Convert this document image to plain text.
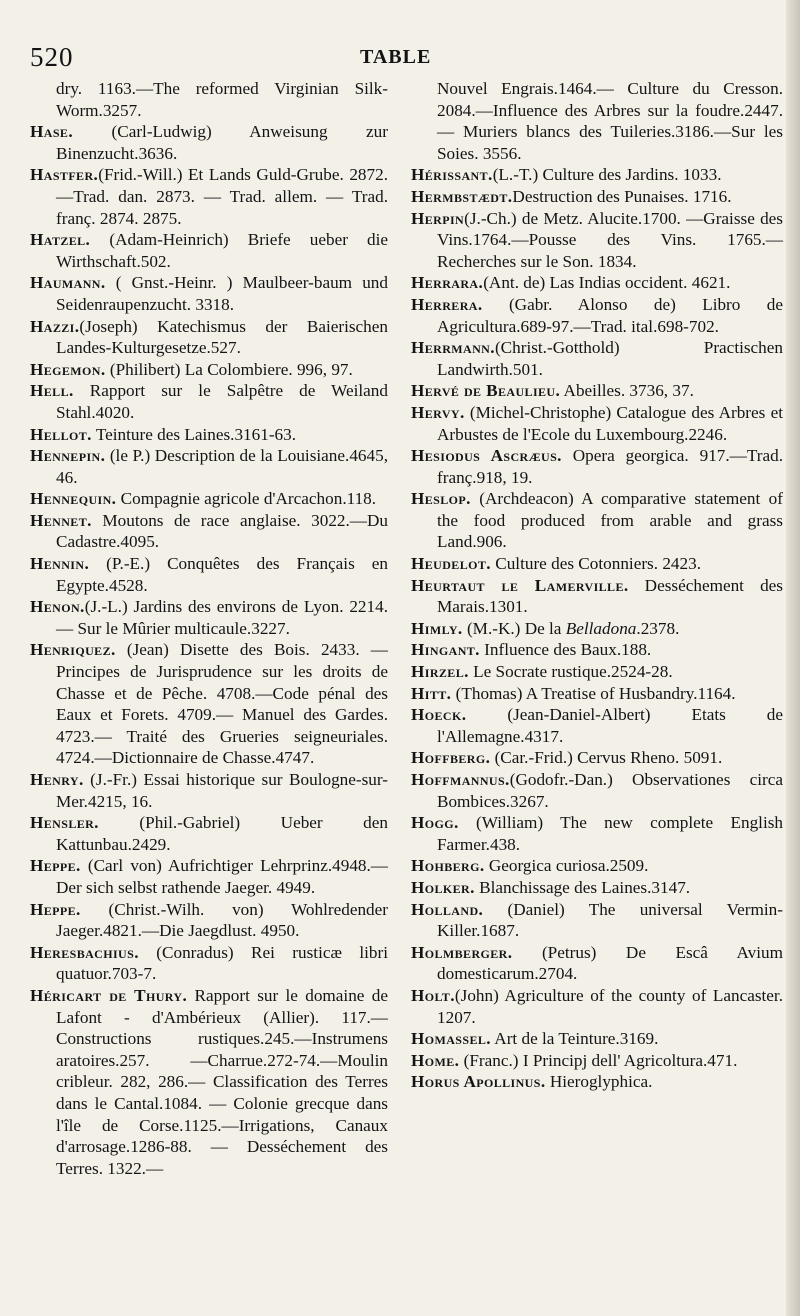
520	TABLE

dry. 1163.—The reformed Virginian Silk-Worm.3257.

Hase. (Carl-Ludwig) Anweisung zur Binenzucht.3636.

Hastfer.(Frid.-Will.) Et Lands Guld-Grube. 2872. —Trad. dan. 2873. — Trad. allem. — Trad. franç. 2874. 2875.

Hatzel. (Adam-Heinrich) Briefe ueber die Wirthschaft.502.

Haumann. ( Gnst.-Heinr. ) Maulbeer-baum und Seidenraupenzucht. 3318.

Hazzi.(Joseph) Katechismus der Baierischen Landes-Kulturgesetze.527.

Hegemon. (Philibert) La Colombiere. 996, 97.

Hell. Rapport sur le Salpêtre de Weiland Stahl.4020.

Hellot. Teinture des Laines.3161-63.

Hennepin. (le P.) Description de la Louisiane.4645, 46.

Hennequin. Compagnie agricole d'Arcachon.118.

Hennet. Moutons de race anglaise. 3022.—Du Cadastre.4095.

Hennin. (P.-E.) Conquêtes des Français en Egypte.4528.

Henon.(J.-L.) Jardins des environs de Lyon. 2214.— Sur le Mûrier multicaule.3227.

Henriquez. (Jean) Disette des Bois. 2433. — Principes de Jurisprudence sur les droits de Chasse et de Pêche. 4708.—Code pénal des Eaux et Forets. 4709.— Manuel des Gardes. 4723.— Traité des Grueries seigneuriales. 4724.—Dictionnaire de Chasse.4747.

Henry. (J.-Fr.) Essai historique sur Boulogne-sur-Mer.4215, 16.

Hensler. (Phil.-Gabriel) Ueber den Kattunbau.2429.

Heppe. (Carl von) Aufrichtiger Lehrprinz.4948.—Der sich selbst rathende Jaeger. 4949.

Heppe. (Christ.-Wilh. von) Wohlredender Jaeger.4821.—Die Jaegdlust. 4950.

Heresbachius. (Conradus) Rei rusticæ libri quatuor.703-7.

Héricart de Thury. Rapport sur le domaine de Lafont - d'Ambérieux (Allier). 117.— Constructions rustiques.245.—Instrumens aratoires.257. —Charrue.272-74.—Moulin cribleur. 282, 286.— Classification des Terres dans le Cantal.1084. — Colonie grecque dans l'île de Corse.1125.—Irrigations, Canaux d'arrosage.1286-88. — Desséchement des Terres. 1322.—

Nouvel Engrais.1464.— Culture du Cresson. 2084.—Influence des Arbres sur la foudre.2447.— Muriers blancs des Tuileries.3186.—Sur les Soies. 3556.

Hérissant.(L.-T.) Culture des Jardins. 1033.

Hermbstædt.Destruction des Punaises. 1716.

Herpin(J.-Ch.) de Metz. Alucite.1700. —Graisse des Vins.1764.—Pousse des Vins. 1765.— Recherches sur le Son. 1834.

Herrara.(Ant. de) Las Indias occident. 4621.

Herrera. (Gabr. Alonso de) Libro de Agricultura.689-97.—Trad. ital.698-702.

Herrmann.(Christ.-Gotthold) Practischen Landwirth.501.

Hervé de Beaulieu. Abeilles. 3736, 37.

Hervy. (Michel-Christophe) Catalogue des Arbres et Arbustes de l'Ecole du Luxembourg.2246.

Hesiodus Ascræus. Opera georgica. 917.—Trad. franç.918, 19.

Heslop. (Archdeacon) A comparative statement of the food produced from arable and grass Land.906.

Heudelot. Culture des Cotonniers. 2423.

Heurtaut le Lamerville. Desséchement des Marais.1301.

Himly. (M.-K.) De la Belladona.2378.

Hingant. Influence des Baux.188.

Hirzel. Le Socrate rustique.2524-28.

Hitt. (Thomas) A Treatise of Husbandry.1164.

Hoeck. (Jean-Daniel-Albert) Etats de l'Allemagne.4317.

Hoffberg. (Car.-Frid.) Cervus Rheno. 5091.

Hoffmannus.(Godofr.-Dan.) Observationes circa Bombices.3267.

Hogg. (William) The new complete English Farmer.438.

Hohberg. Georgica curiosa.2509.

Holker. Blanchissage des Laines.3147.

Holland. (Daniel) The universal Vermin-Killer.1687.

Holmberger. (Petrus) De Escâ Avium domesticarum.2704.

Holt.(John) Agriculture of the county of Lancaster. 1207.

Homassel. Art de la Teinture.3169.

Home. (Franc.) I Principj dell' Agricoltura.471.

Horus Apollinus. Hieroglyphica.
